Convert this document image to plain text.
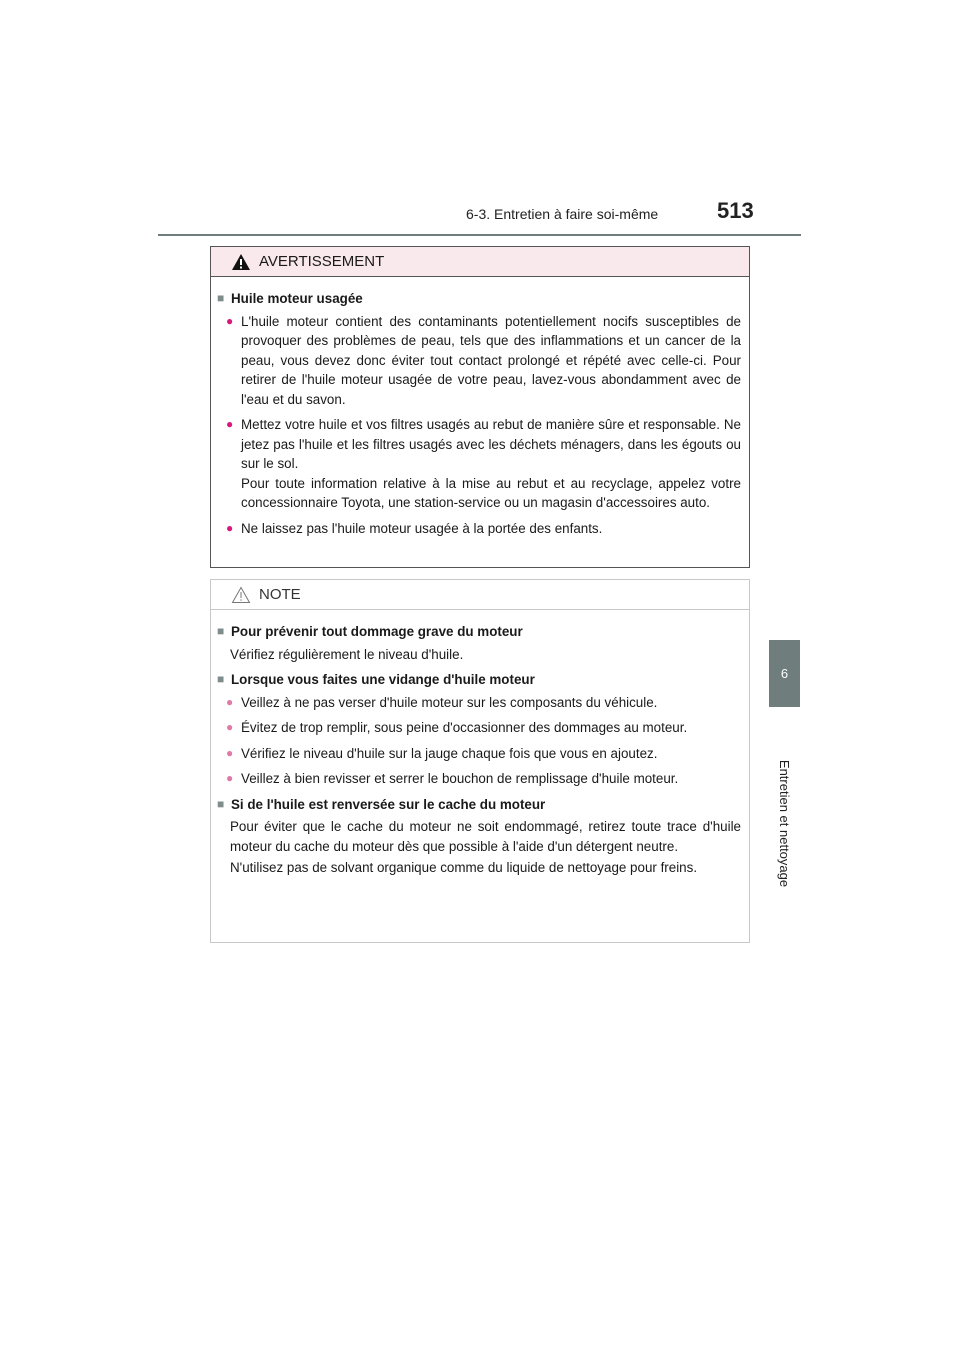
6-3. Entretien à faire soi-même	513
6
Entretien et nettoyage
AVERTISSEMENT
■ Huile moteur usagée
● L'huile moteur contient des contaminants potentiellement nocifs susceptibles de provoquer des problèmes de peau, tels que des inflammations et un cancer de la peau, vous devez donc éviter tout contact prolongé et répété avec celle-ci. Pour retirer de l'huile moteur usagée de votre peau, lavez-vous abondamment avec de l'eau et du savon.
● Mettez votre huile et vos filtres usagés au rebut de manière sûre et responsable. Ne jetez pas l'huile et les filtres usagés avec les déchets ménagers, dans les égouts ou sur le sol.
Pour toute information relative à la mise au rebut et au recyclage, appelez votre concessionnaire Toyota, une station-service ou un magasin d'accessoires auto.
● Ne laissez pas l'huile moteur usagée à la portée des enfants.
NOTE
■ Pour prévenir tout dommage grave du moteur
Vérifiez régulièrement le niveau d'huile.
■ Lorsque vous faites une vidange d'huile moteur
● Veillez à ne pas verser d'huile moteur sur les composants du véhicule.
● Évitez de trop remplir, sous peine d'occasionner des dommages au moteur.
● Vérifiez le niveau d'huile sur la jauge chaque fois que vous en ajoutez.
● Veillez à bien revisser et serrer le bouchon de remplissage d'huile moteur.
■ Si de l'huile est renversée sur le cache du moteur
Pour éviter que le cache du moteur ne soit endommagé, retirez toute trace d'huile moteur du cache du moteur dès que possible à l'aide d'un détergent neutre.
N'utilisez pas de solvant organique comme du liquide de nettoyage pour freins.
